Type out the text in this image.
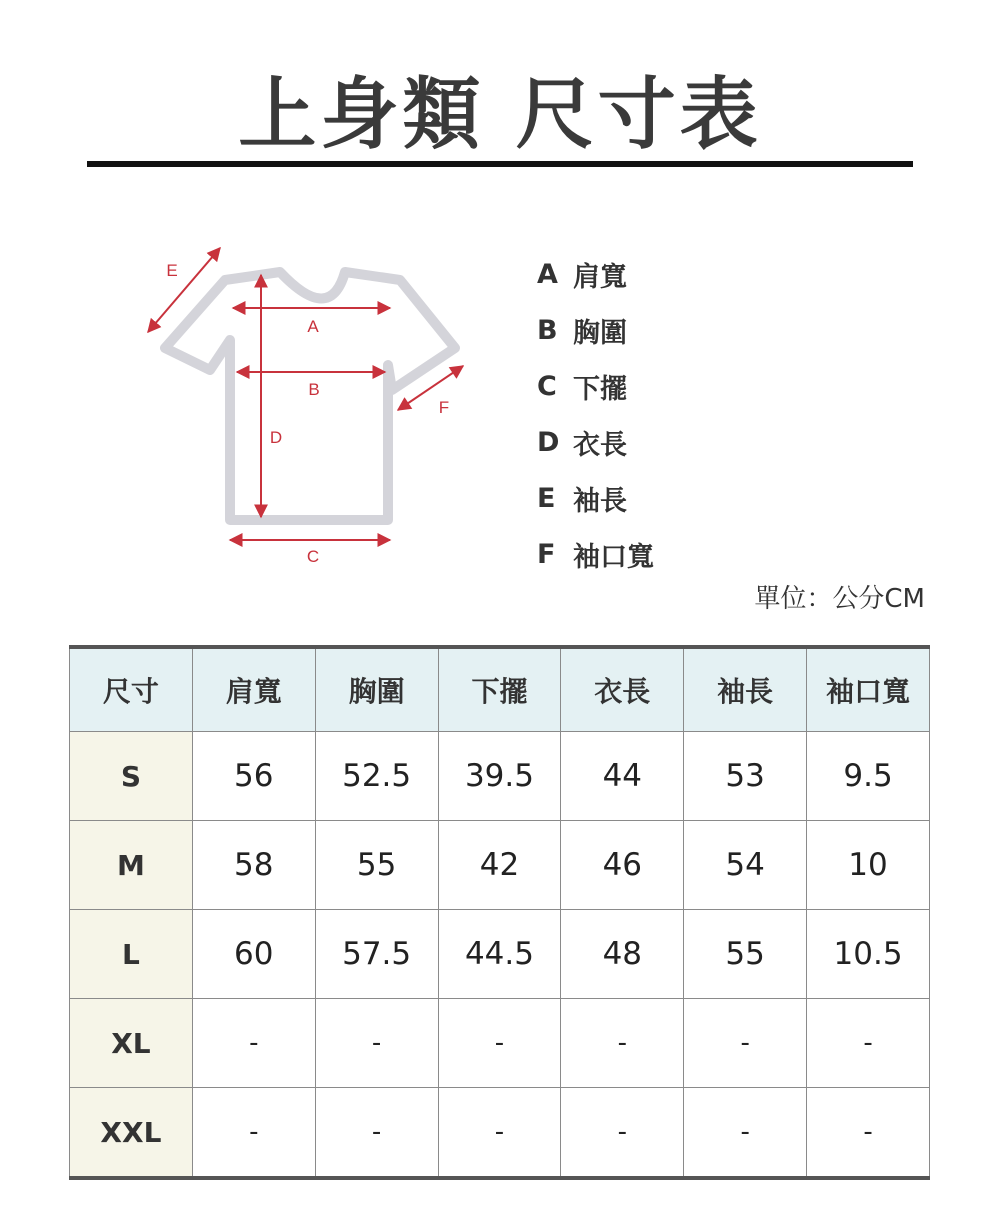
上身類 尺寸表
A
B
C
D
E
F
A 肩寬
B 胸圍
C 下擺
D 衣長
E 袖長
F 袖口寬
單位：公分CM
尺寸	肩寬	胸圍	下擺	衣長	袖長	袖口寬
S	56	52.5	39.5	44	53	9.5
M	58	55	42	46	54	10
L	60	57.5	44.5	48	55	10.5
XL	-	-	-	-	-	-
XXL	-	-	-	-	-	-
